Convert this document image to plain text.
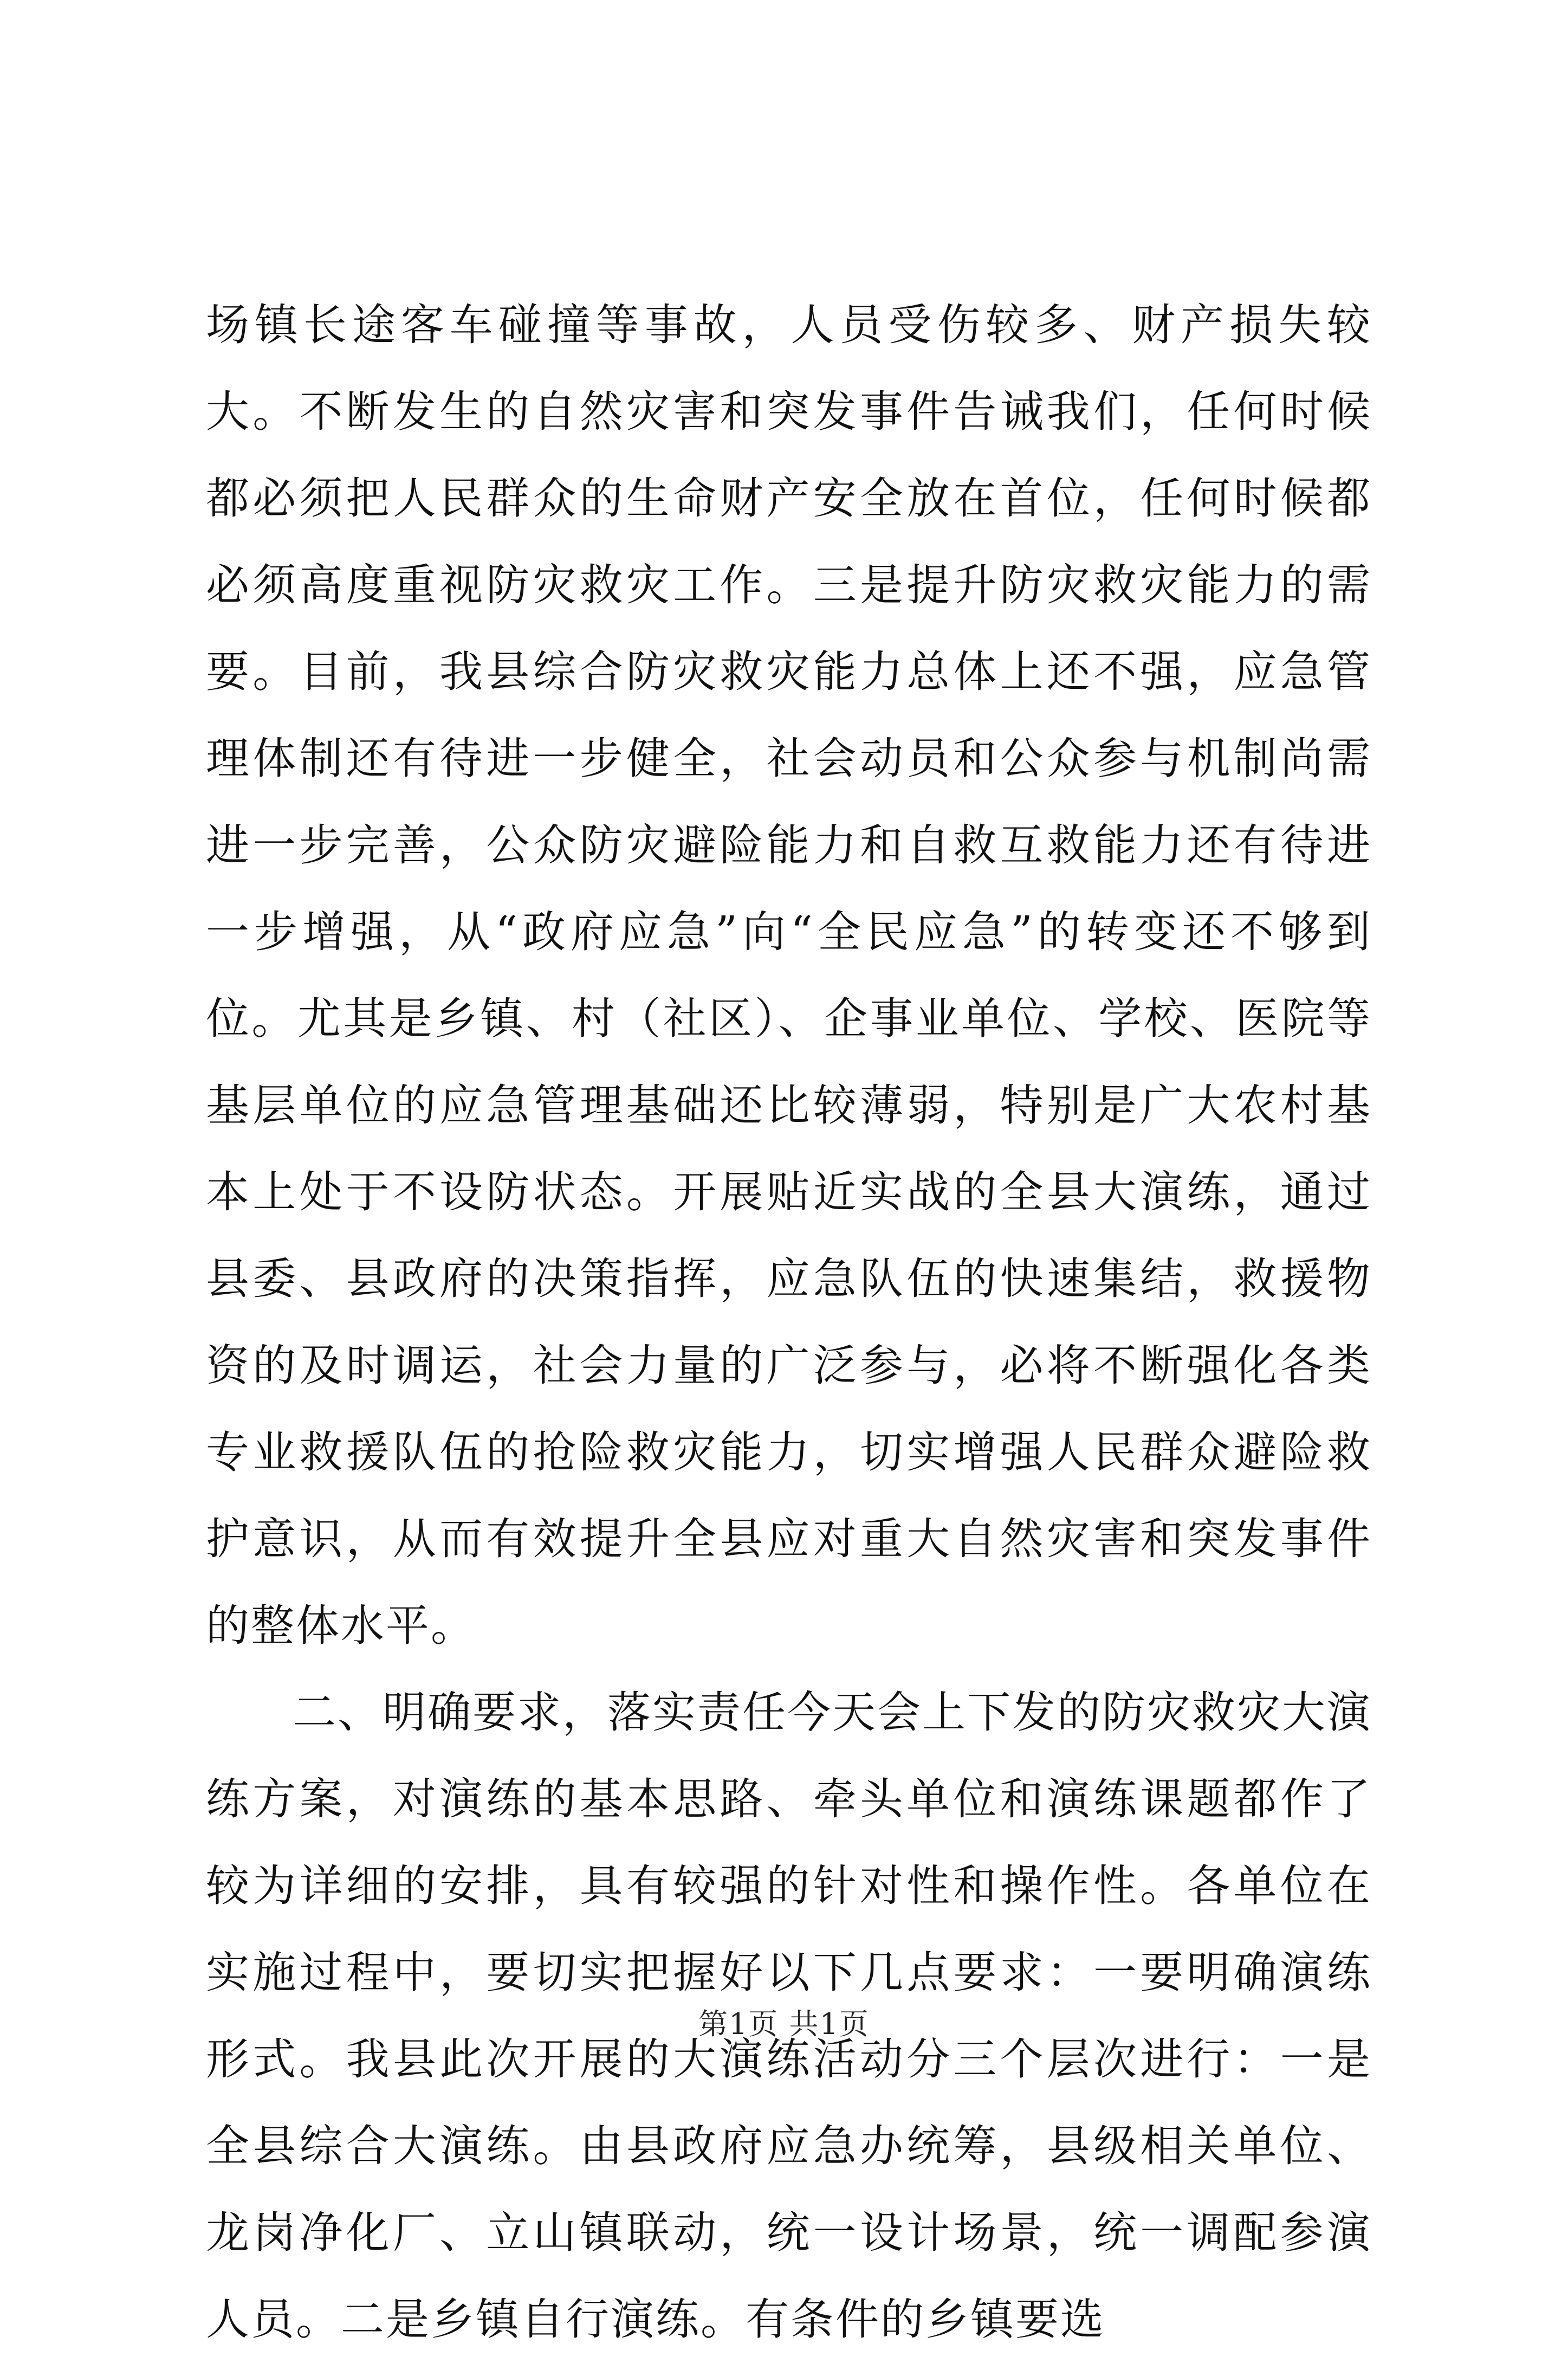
场镇长途客车碰撞等事故，人员受伤较多、财产损失较大。不断发生的自然灾害和突发事件告诫我们，任何时候都必须把人民群众的生命财产安全放在首位，任何时候都必须高度重视防灾救灾工作。三是提升防灾救灾能力的需要。目前，我县综合防灾救灾能力总体上还不强，应急管理体制还有待进一步健全，社会动员和公众参与机制尚需进一步完善，公众防灾避险能力和自救互救能力还有待进一步增强，从“政府应急”向“全民应急”的转变还不够到位。尤其是乡镇、村（社区）、企事业单位、学校、医院等基层单位的应急管理基础还比较薄弱，特别是广大农村基本上处于不设防状态。开展贴近实战的全县大演练，通过县委、县政府的决策指挥，应急队伍的快速集结，救援物资的及时调运，社会力量的广泛参与，必将不断强化各类专业救援队伍的抢险救灾能力，切实增强人民群众避险救护意识，从而有效提升全县应对重大自然灾害和突发事件的整体水平。

二、明确要求，落实责任今天会上下发的防灾救灾大演练方案，对演练的基本思路、牵头单位和演练课题都作了较为详细的安排，具有较强的针对性和操作性。各单位在实施过程中，要切实把握好以下几点要求：一要明确演练形式。我县此次开展的大演练活动分三个层次进行：一是全县综合大演练。由县政府应急办统筹，县级相关单位、龙岗净化厂、立山镇联动，统一设计场景，统一调配参演人员。二是乡镇自行演练。有条件的乡镇要选

第1页 共1页
